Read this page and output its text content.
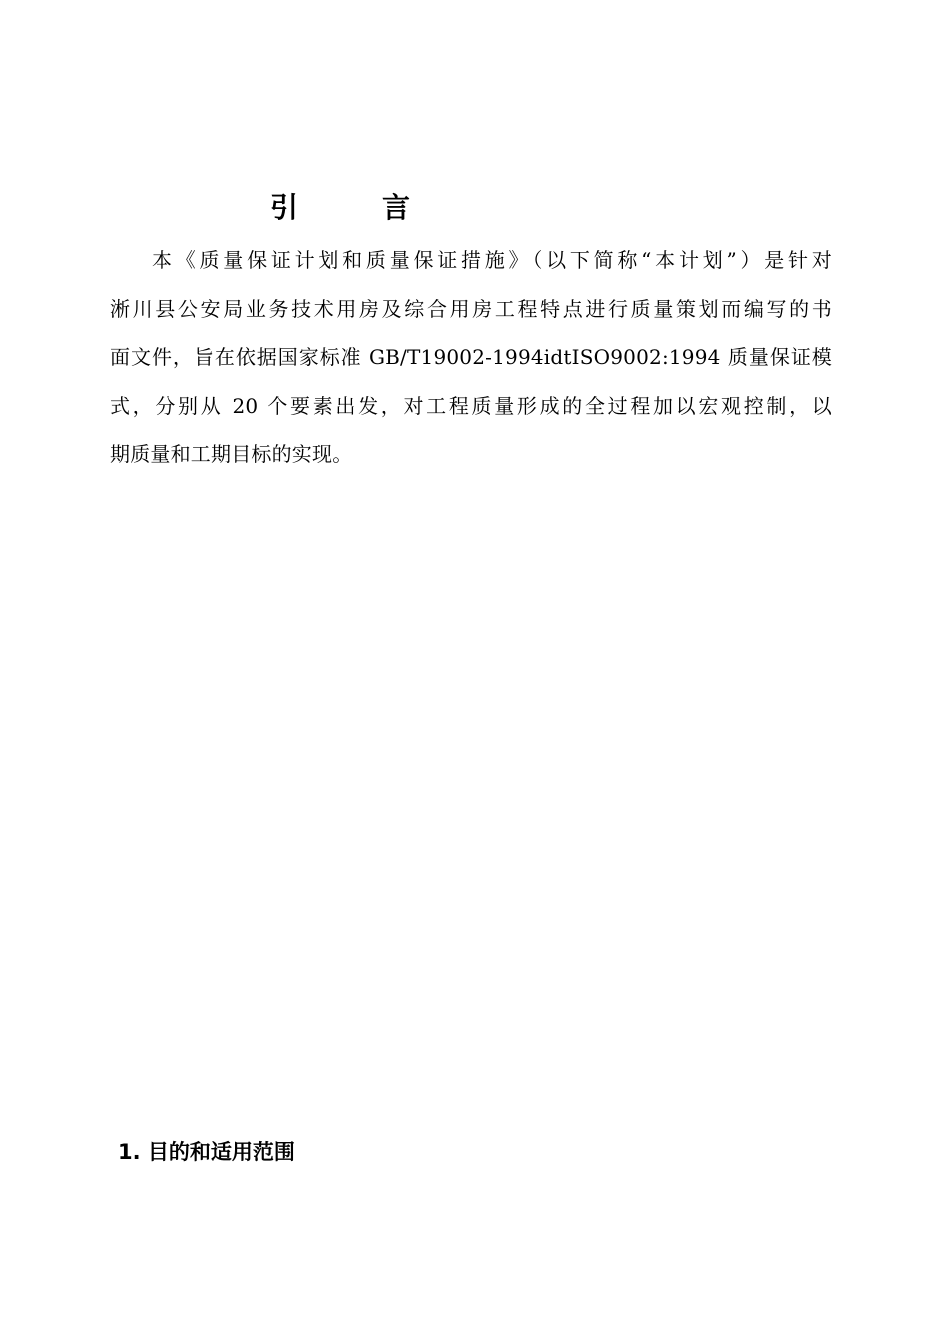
引	言
本《质量保证计划和质量保证措施》（以下简称“本计划”）是针对
淅川县公安局业务技术用房及综合用房工程特点进行质量策划而编写的书
面文件，旨在依据国家标准 GB/T19002-1994idtISO9002:1994 质量保证模
式，分别从 20 个要素出发，对工程质量形成的全过程加以宏观控制，以
期质量和工期目标的实现。
1. 目的和适用范围
